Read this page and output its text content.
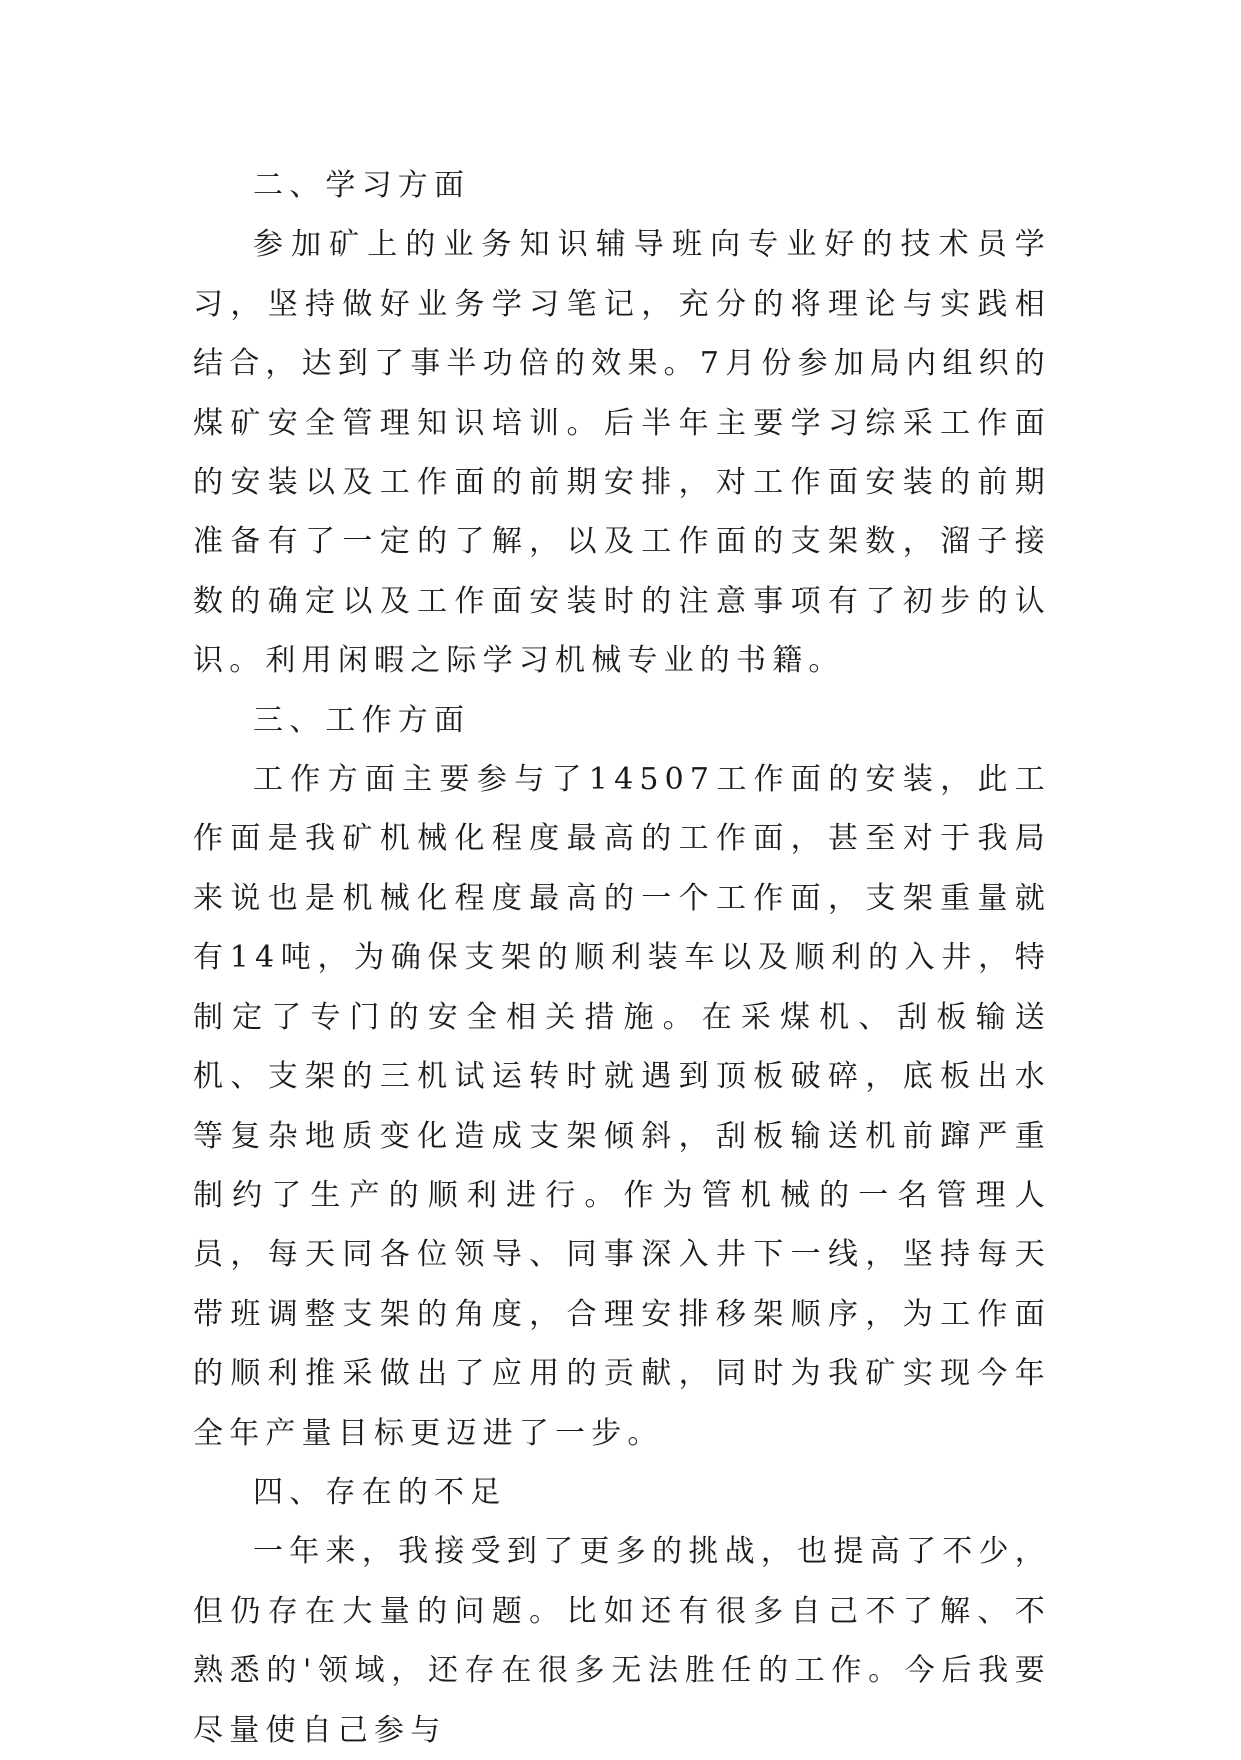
二、学习方面

参加矿上的业务知识辅导班向专业好的技术员学习，坚持做好业务学习笔记，充分的将理论与实践相结合，达到了事半功倍的效果。7月份参加局内组织的煤矿安全管理知识培训。后半年主要学习综采工作面的安装以及工作面的前期安排，对工作面安装的前期准备有了一定的了解，以及工作面的支架数，溜子接数的确定以及工作面安装时的注意事项有了初步的认识。利用闲暇之际学习机械专业的书籍。

三、工作方面

工作方面主要参与了14507工作面的安装，此工作面是我矿机械化程度最高的工作面，甚至对于我局来说也是机械化程度最高的一个工作面，支架重量就有14吨，为确保支架的顺利装车以及顺利的入井，特制定了专门的安全相关措施。在采煤机、刮板输送机、支架的三机试运转时就遇到顶板破碎，底板出水等复杂地质变化造成支架倾斜，刮板输送机前蹿严重制约了生产的顺利进行。作为管机械的一名管理人员，每天同各位领导、同事深入井下一线，坚持每天带班调整支架的角度，合理安排移架顺序，为工作面的顺利推采做出了应用的贡献，同时为我矿实现今年全年产量目标更迈进了一步。

四、存在的不足

一年来，我接受到了更多的挑战，也提高了不少，但仍存在大量的问题。比如还有很多自己不了解、不熟悉的'领域，还存在很多无法胜任的工作。今后我要尽量使自己参与
